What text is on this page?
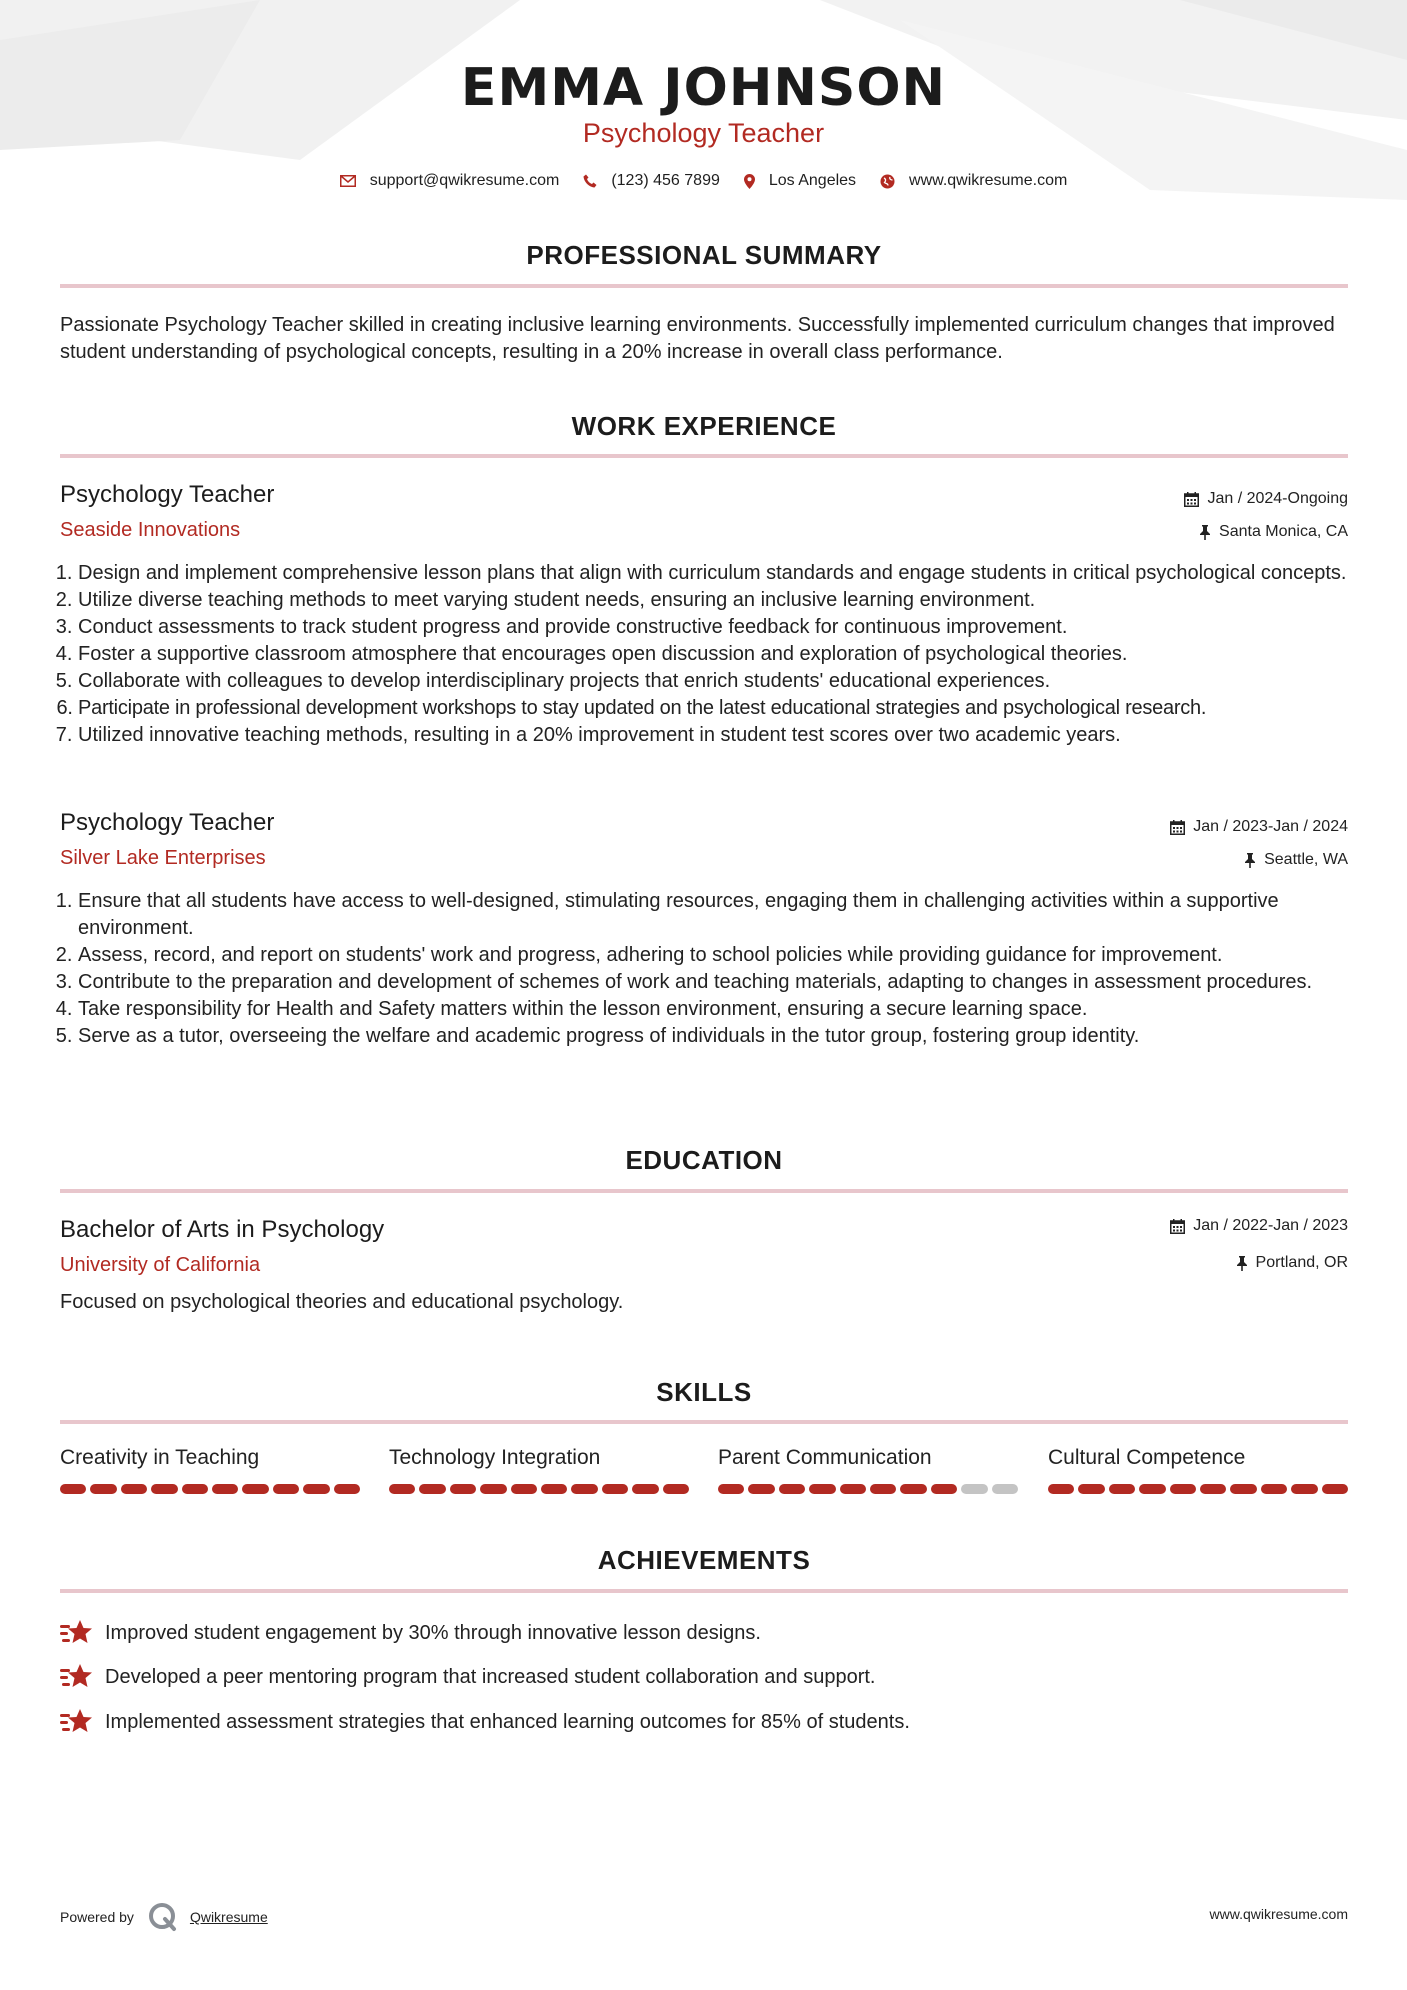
EMMA JOHNSON
Psychology Teacher
support@qwikresume.com	(123) 456 7899	Los Angeles	www.qwikresume.com
PROFESSIONAL SUMMARY
Passionate Psychology Teacher skilled in creating inclusive learning environments. Successfully implemented curriculum changes that improved student understanding of psychological concepts, resulting in a 20% increase in overall class performance.
WORK EXPERIENCE
Psychology Teacher	Jan / 2024-Ongoing
Seaside Innovations	Santa Monica, CA
1. Design and implement comprehensive lesson plans that align with curriculum standards and engage students in critical psychological concepts.
2. Utilize diverse teaching methods to meet varying student needs, ensuring an inclusive learning environment.
3. Conduct assessments to track student progress and provide constructive feedback for continuous improvement.
4. Foster a supportive classroom atmosphere that encourages open discussion and exploration of psychological theories.
5. Collaborate with colleagues to develop interdisciplinary projects that enrich students' educational experiences.
6. Participate in professional development workshops to stay updated on the latest educational strategies and psychological research.
7. Utilized innovative teaching methods, resulting in a 20% improvement in student test scores over two academic years.
Psychology Teacher	Jan / 2023-Jan / 2024
Silver Lake Enterprises	Seattle, WA
1. Ensure that all students have access to well-designed, stimulating resources, engaging them in challenging activities within a supportive environment.
2. Assess, record, and report on students' work and progress, adhering to school policies while providing guidance for improvement.
3. Contribute to the preparation and development of schemes of work and teaching materials, adapting to changes in assessment procedures.
4. Take responsibility for Health and Safety matters within the lesson environment, ensuring a secure learning space.
5. Serve as a tutor, overseeing the welfare and academic progress of individuals in the tutor group, fostering group identity.
EDUCATION
Bachelor of Arts in Psychology	Jan / 2022-Jan / 2023
University of California	Portland, OR
Focused on psychological theories and educational psychology.
SKILLS
Creativity in Teaching	Technology Integration	Parent Communication	Cultural Competence
ACHIEVEMENTS
Improved student engagement by 30% through innovative lesson designs.
Developed a peer mentoring program that increased student collaboration and support.
Implemented assessment strategies that enhanced learning outcomes for 85% of students.
Powered by	Qwikresume	www.qwikresume.com
